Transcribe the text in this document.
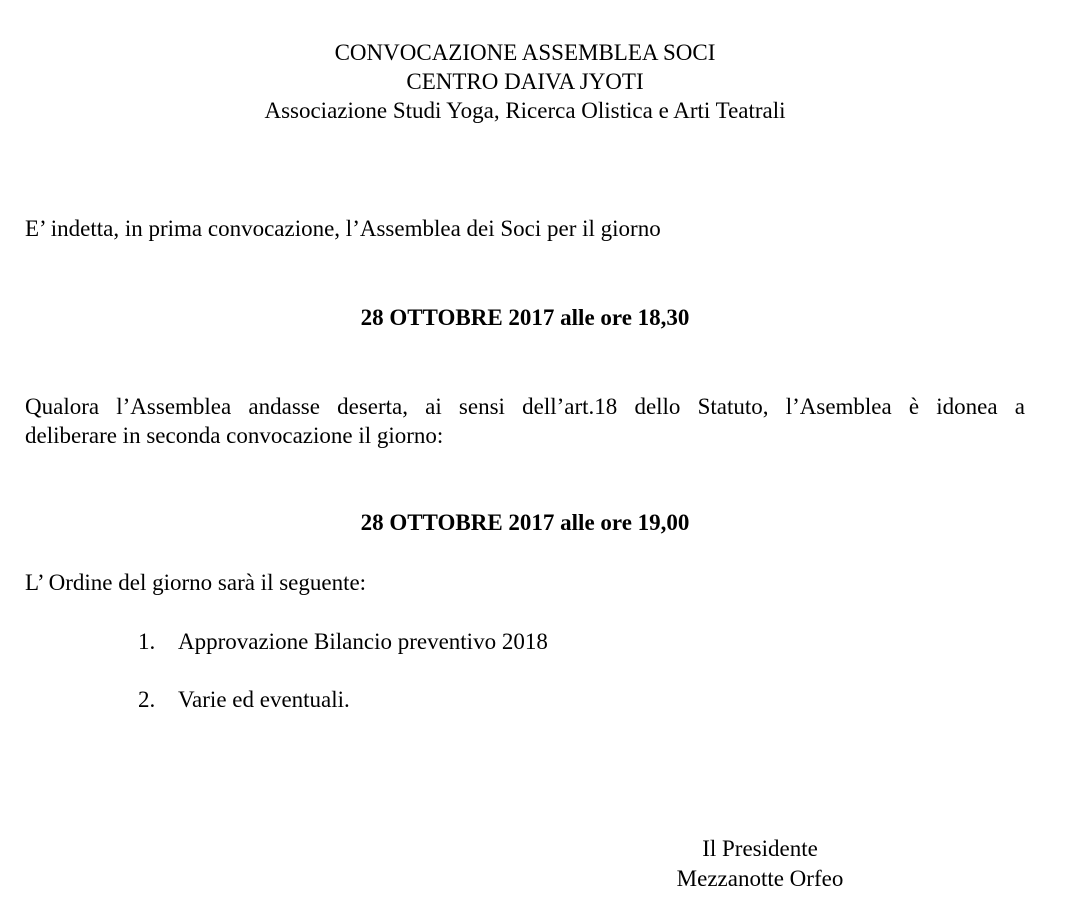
CONVOCAZIONE ASSEMBLEA SOCI
CENTRO DAIVA JYOTI
Associazione Studi Yoga, Ricerca Olistica e Arti Teatrali
E’ indetta, in prima convocazione, l’Assemblea dei Soci per il giorno
28 OTTOBRE 2017 alle ore 18,30
Qualora l’Assemblea andasse deserta, ai sensi dell’art.18 dello Statuto, l’Asemblea è idonea a
deliberare in seconda convocazione il giorno:
28 OTTOBRE 2017 alle ore 19,00
L’ Ordine del giorno sarà il seguente:
1. Approvazione Bilancio preventivo 2018
2. Varie ed eventuali.
Il Presidente
Mezzanotte Orfeo
